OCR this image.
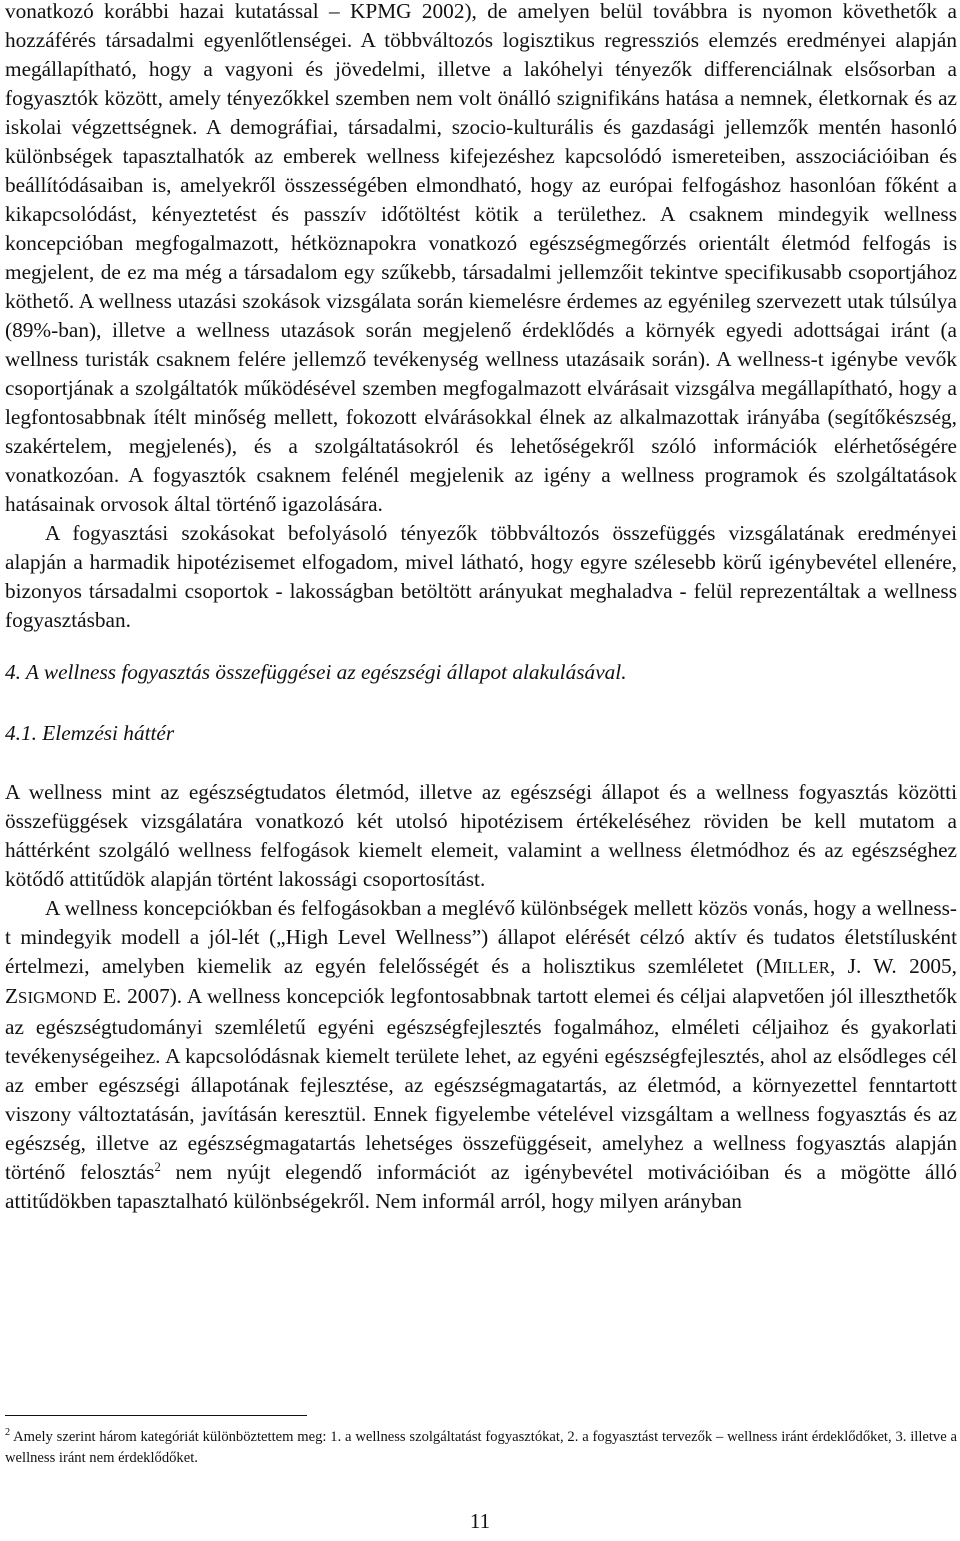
vonatkozó korábbi hazai kutatással – KPMG 2002), de amelyen belül továbbra is nyomon követhetők a hozzáférés társadalmi egyenlőtlenségei. A többváltozós logisztikus regressziós elemzés eredményei alapján megállapítható, hogy a vagyoni és jövedelmi, illetve a lakóhelyi tényezők differenciálnak elsősorban a fogyasztók között, amely tényezőkkel szemben nem volt önálló szignifikáns hatása a nemnek, életkornak és az iskolai végzettségnek. A demográfiai, társadalmi, szocio-kulturális és gazdasági jellemzők mentén hasonló különbségek tapasztalhatók az emberek wellness kifejezéshez kapcsolódó ismereteiben, asszociációiban és beállítódásaiban is, amelyekről összességében elmondható, hogy az európai felfogáshoz hasonlóan főként a kikapcsolódást, kényeztetést és passzív időtöltést kötik a területhez. A csaknem mindegyik wellness koncepcióban megfogalmazott, hétköznapokra vonatkozó egészségmegőrzés orientált életmód felfogás is megjelent, de ez ma még a társadalom egy szűkebb, társadalmi jellemzőit tekintve specifikusabb csoportjához köthető. A wellness utazási szokások vizsgálata során kiemelésre érdemes az egyénileg szervezett utak túlsúlya (89%-ban), illetve a wellness utazások során megjelenő érdeklődés a környék egyedi adottságai iránt (a wellness turisták csaknem felére jellemző tevékenység wellness utazásaik során). A wellness-t igénybe vevők csoportjának a szolgáltatók működésével szemben megfogalmazott elvárásait vizsgálva megállapítható, hogy a legfontosabbnak ítélt minőség mellett, fokozott elvárásokkal élnek az alkalmazottak irányába (segítőkészség, szakértelem, megjelenés), és a szolgáltatásokról és lehetőségekről szóló információk elérhetőségére vonatkozóan. A fogyasztók csaknem felénél megjelenik az igény a wellness programok és szolgáltatások hatásainak orvosok által történő igazolására.

A fogyasztási szokásokat befolyásoló tényezők többváltozós összefüggés vizsgálatának eredményei alapján a harmadik hipotézisemet elfogadom, mivel látható, hogy egyre szélesebb körű igénybevétel ellenére, bizonyos társadalmi csoportok - lakosságban betöltött arányukat meghaladva - felül reprezentáltak a wellness fogyasztásban.

4. A wellness fogyasztás összefüggései az egészségi állapot alakulásával.

4.1. Elemzési háttér

A wellness mint az egészségtudatos életmód, illetve az egészségi állapot és a wellness fogyasztás közötti összefüggések vizsgálatára vonatkozó két utolsó hipotézisem értékeléséhez röviden be kell mutatom a háttérként szolgáló wellness felfogások kiemelt elemeit, valamint a wellness életmódhoz és az egészséghez kötődő attitűdök alapján történt lakossági csoportosítást.

A wellness koncepciókban és felfogásokban a meglévő különbségek mellett közös vonás, hogy a wellness-t mindegyik modell a jól-lét („High Level Wellness”) állapot elérését célzó aktív és tudatos életstílusként értelmezi, amelyben kiemelik az egyén felelősségét és a holisztikus szemléletet (MILLER, J. W. 2005, ZSIGMOND E. 2007). A wellness koncepciók legfontosabbnak tartott elemei és céljai alapvetően jól illeszthetők az egészségtudományi szemléletű egyéni egészségfejlesztés fogalmához, elméleti céljaihoz és gyakorlati tevékenységeihez. A kapcsolódásnak kiemelt területe lehet, az egyéni egészségfejlesztés, ahol az elsődleges cél az ember egészségi állapotának fejlesztése, az egészségmagatartás, az életmód, a környezettel fenntartott viszony változtatásán, javításán keresztül. Ennek figyelembe vételével vizsgáltam a wellness fogyasztás és az egészség, illetve az egészségmagatartás lehetséges összefüggéseit, amelyhez a wellness fogyasztás alapján történő felosztás$^2$ nem nyújt elegendő információt az igénybevétel motivációiban és a mögötte álló attitűdökben tapasztalható különbségekről. Nem informál arról, hogy milyen arányban

$^2$ Amely szerint három kategóriát különböztettem meg: 1. a wellness szolgáltatást fogyasztókat, 2. a fogyasztást tervezők – wellness iránt érdeklődőket, 3. illetve a wellness iránt nem érdeklődőket.

11
